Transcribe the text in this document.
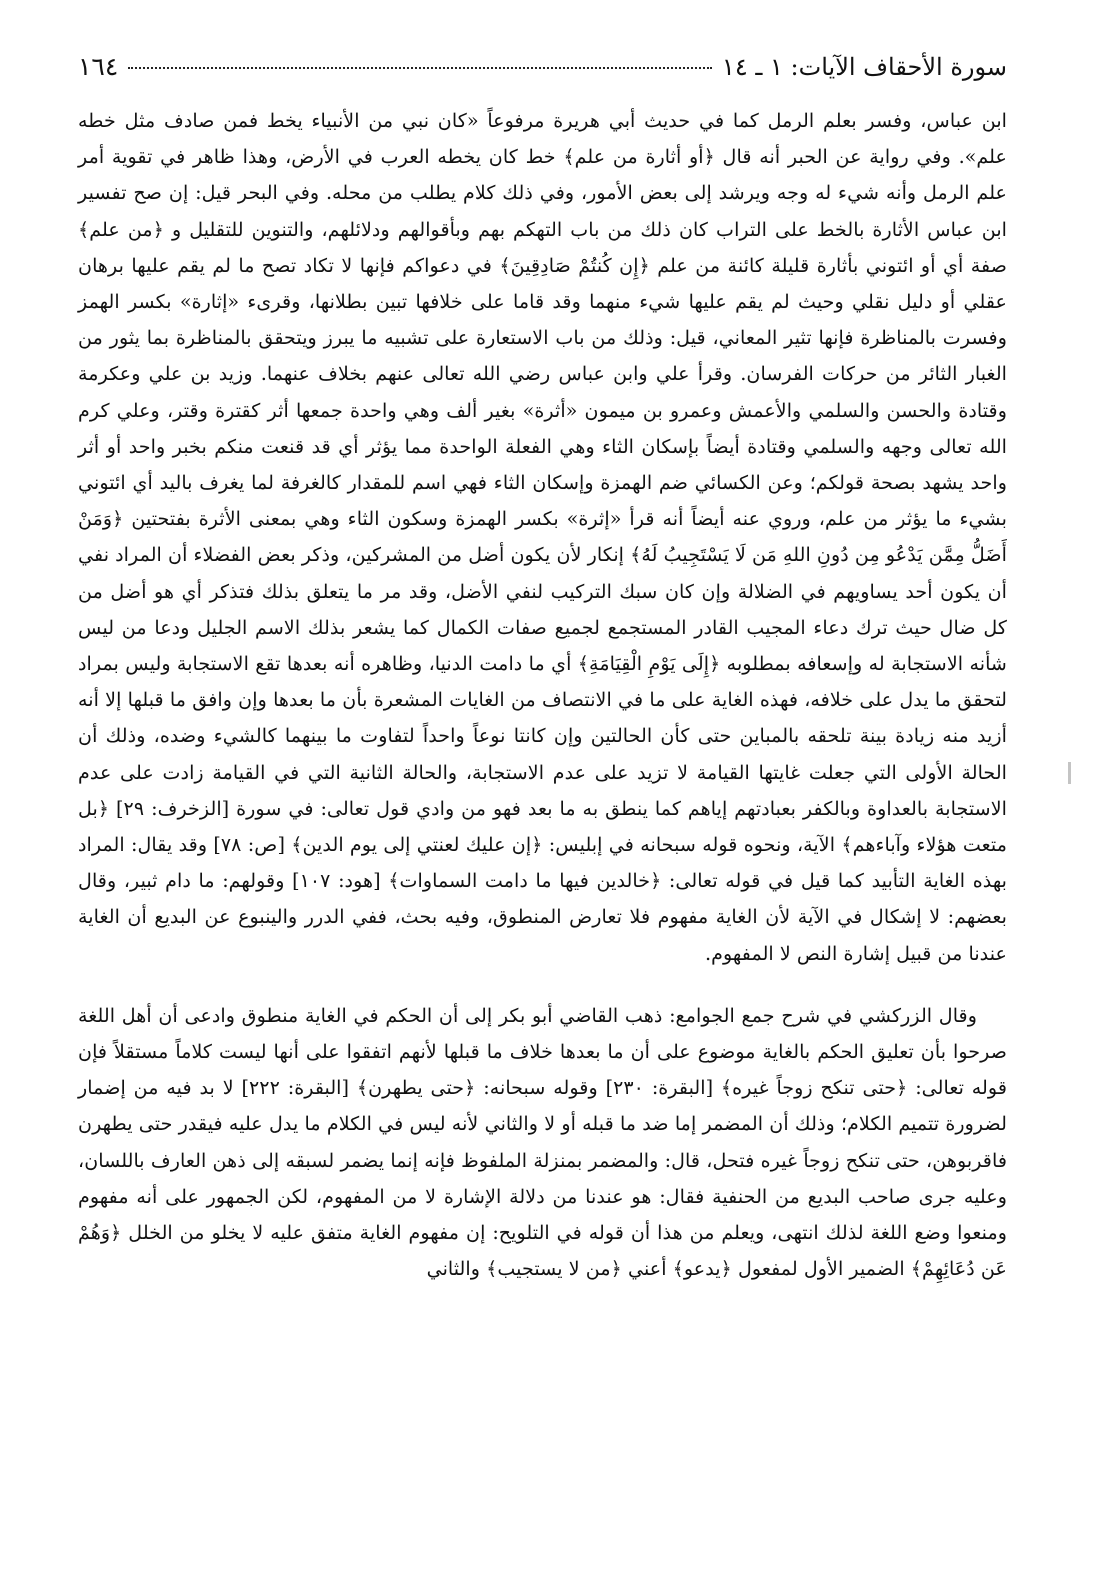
سورة الأحقاف الآيات: ١ ـ ١٤
١٦٤

ابن عباس، وفسر بعلم الرمل كما في حديث أبي هريرة مرفوعاً «كان نبي من الأنبياء يخط فمن صادف مثل خطه علم». وفي رواية عن الحبر أنه قال ﴿أو أثارة من علم﴾ خط كان يخطه العرب في الأرض، وهذا ظاهر في تقوية أمر علم الرمل وأنه شيء له وجه ويرشد إلى بعض الأمور، وفي ذلك كلام يطلب من محله. وفي البحر قيل: إن صح تفسير ابن عباس الأثارة بالخط على التراب كان ذلك من باب التهكم بهم وبأقوالهم ودلائلهم، والتنوين للتقليل و ﴿من علم﴾ صفة أي أو ائتوني بأثارة قليلة كائنة من علم ﴿إِن كُنتُمْ صَادِقِينَ﴾ في دعواكم فإنها لا تكاد تصح ما لم يقم عليها برهان عقلي أو دليل نقلي وحيث لم يقم عليها شيء منهما وقد قاما على خلافها تبين بطلانها، وقرىء «إثارة» بكسر الهمز وفسرت بالمناظرة فإنها تثير المعاني، قيل: وذلك من باب الاستعارة على تشبيه ما يبرز ويتحقق بالمناظرة بما يثور من الغبار الثائر من حركات الفرسان. وقرأ علي وابن عباس رضي الله تعالى عنهم بخلاف عنهما. وزيد بن علي وعكرمة وقتادة والحسن والسلمي والأعمش وعمرو بن ميمون «أثرة» بغير ألف وهي واحدة جمعها أثر كقترة وقتر، وعلي كرم الله تعالى وجهه والسلمي وقتادة أيضاً بإسكان الثاء وهي الفعلة الواحدة مما يؤثر أي قد قنعت منكم بخبر واحد أو أثر واحد يشهد بصحة قولكم؛ وعن الكسائي ضم الهمزة وإسكان الثاء فهي اسم للمقدار كالغرفة لما يغرف باليد أي ائتوني بشيء ما يؤثر من علم، وروي عنه أيضاً أنه قرأ «إثرة» بكسر الهمزة وسكون الثاء وهي بمعنى الأثرة بفتحتين ﴿وَمَنْ أَضَلُّ مِمَّن يَدْعُو مِن دُونِ اللهِ مَن لَا يَسْتَجِيبُ لَهُ﴾ إنكار لأن يكون أضل من المشركين، وذكر بعض الفضلاء أن المراد نفي أن يكون أحد يساويهم في الضلالة وإن كان سبك التركيب لنفي الأضل، وقد مر ما يتعلق بذلك فتذكر أي هو أضل من كل ضال حيث ترك دعاء المجيب القادر المستجمع لجميع صفات الكمال كما يشعر بذلك الاسم الجليل ودعا من ليس شأنه الاستجابة له وإسعافه بمطلوبه ﴿إِلَى يَوْمِ الْقِيَامَةِ﴾ أي ما دامت الدنيا، وظاهره أنه بعدها تقع الاستجابة وليس بمراد لتحقق ما يدل على خلافه، فهذه الغاية على ما في الانتصاف من الغايات المشعرة بأن ما بعدها وإن وافق ما قبلها إلا أنه أزيد منه زيادة بينة تلحقه بالمباين حتى كأن الحالتين وإن كانتا نوعاً واحداً لتفاوت ما بينهما كالشيء وضده، وذلك أن الحالة الأولى التي جعلت غايتها القيامة لا تزيد على عدم الاستجابة، والحالة الثانية التي في القيامة زادت على عدم الاستجابة بالعداوة وبالكفر بعبادتهم إياهم كما ينطق به ما بعد فهو من وادي قول تعالى: في سورة [الزخرف: ٢٩] ﴿بل متعت هؤلاء وآباءهم﴾ الآية، ونحوه قوله سبحانه في إبليس: ﴿إن عليك لعنتي إلى يوم الدين﴾ [ص: ٧٨] وقد يقال: المراد بهذه الغاية التأبيد كما قيل في قوله تعالى: ﴿خالدين فيها ما دامت السماوات﴾ [هود: ١٠٧] وقولهم: ما دام ثبير، وقال بعضهم: لا إشكال في الآية لأن الغاية مفهوم فلا تعارض المنطوق، وفيه بحث، ففي الدرر والينبوع عن البديع أن الغاية عندنا من قبيل إشارة النص لا المفهوم.

وقال الزركشي في شرح جمع الجوامع: ذهب القاضي أبو بكر إلى أن الحكم في الغاية منطوق وادعى أن أهل اللغة صرحوا بأن تعليق الحكم بالغاية موضوع على أن ما بعدها خلاف ما قبلها لأنهم اتفقوا على أنها ليست كلاماً مستقلاً فإن قوله تعالى: ﴿حتى تنكح زوجاً غيره﴾ [البقرة: ٢٣٠] وقوله سبحانه: ﴿حتى يطهرن﴾ [البقرة: ٢٢٢] لا بد فيه من إضمار لضرورة تتميم الكلام؛ وذلك أن المضمر إما ضد ما قبله أو لا والثاني لأنه ليس في الكلام ما يدل عليه فيقدر حتى يطهرن فاقربوهن، حتى تنكح زوجاً غيره فتحل، قال: والمضمر بمنزلة الملفوظ فإنه إنما يضمر لسبقه إلى ذهن العارف باللسان، وعليه جرى صاحب البديع من الحنفية فقال: هو عندنا من دلالة الإشارة لا من المفهوم، لكن الجمهور على أنه مفهوم ومنعوا وضع اللغة لذلك انتهى، ويعلم من هذا أن قوله في التلويح: إن مفهوم الغاية متفق عليه لا يخلو من الخلل ﴿وَهُمْ عَن دُعَائِهِمْ﴾ الضمير الأول لمفعول ﴿يدعو﴾ أعني ﴿من لا يستجيب﴾ والثاني
